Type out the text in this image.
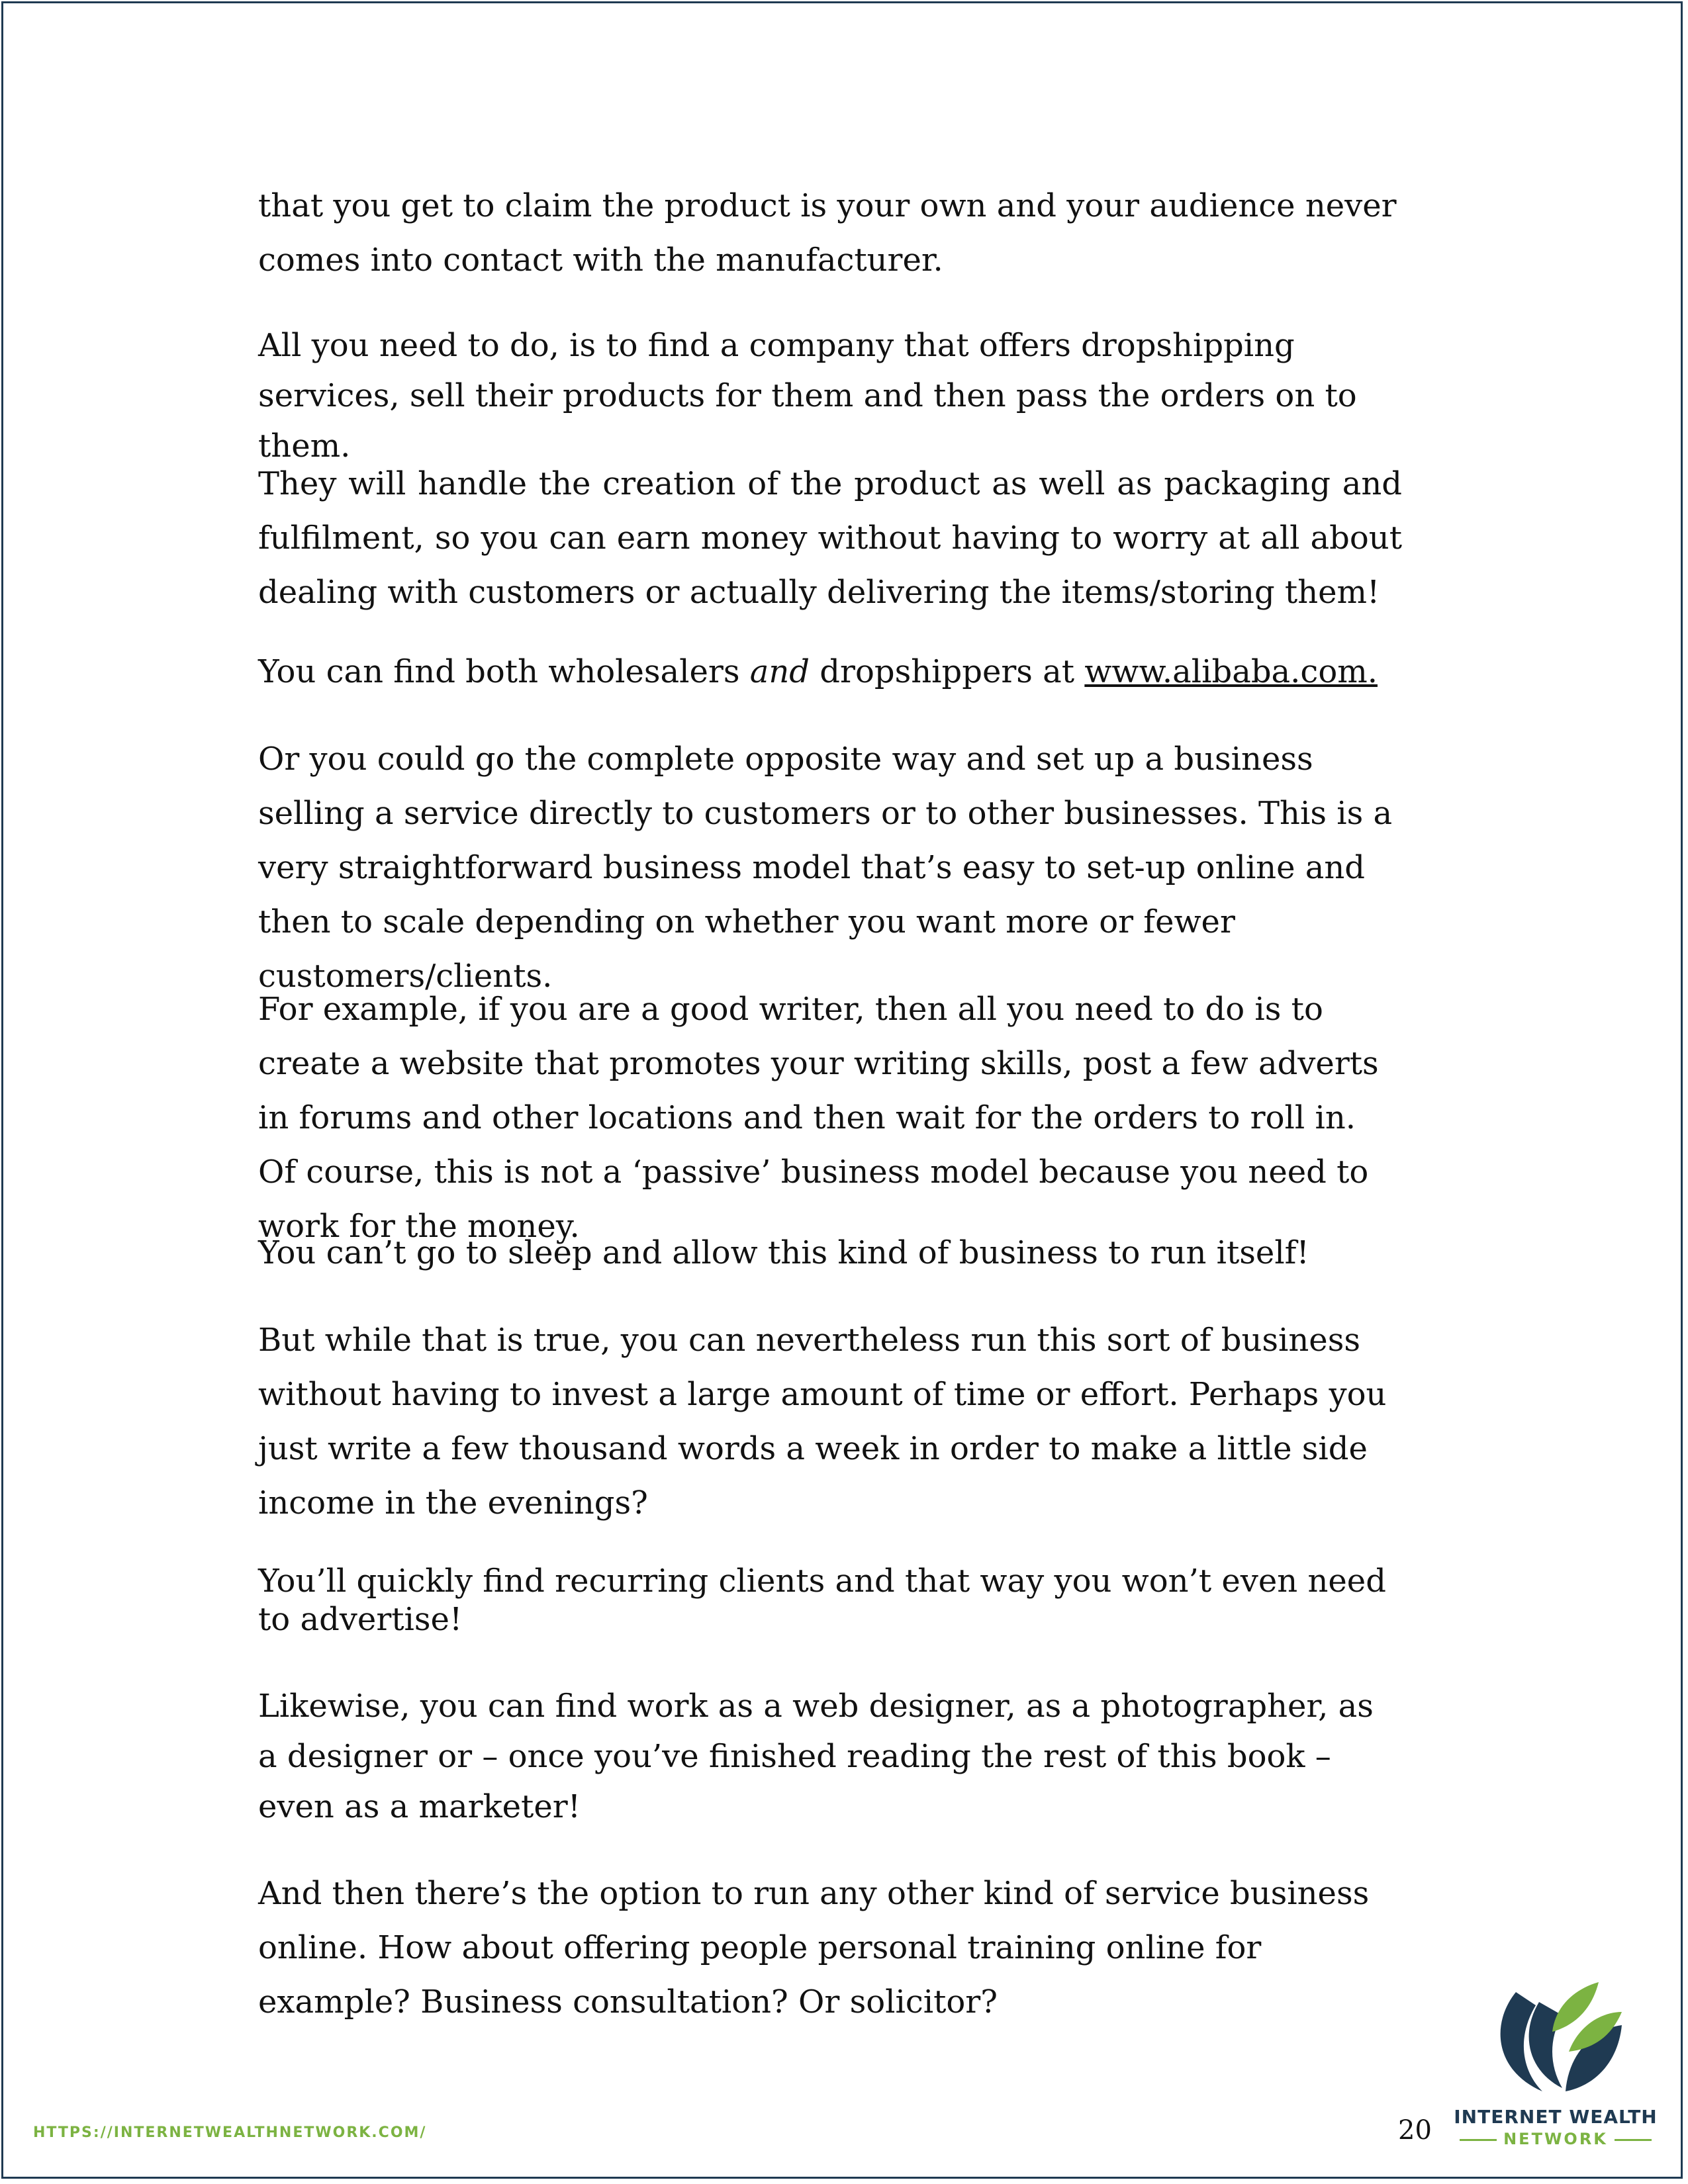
that you get to claim the product is your own and your audience never comes into contact with the manufacturer.

All you need to do, is to find a company that offers dropshipping services, sell their products for them and then pass the orders on to them.

They will handle the creation of the product as well as packaging and fulfilment, so you can earn money without having to worry at all about dealing with customers or actually delivering the items/storing them!

You can find both wholesalers and dropshippers at www.alibaba.com.

Or you could go the complete opposite way and set up a business selling a service directly to customers or to other businesses. This is a very straightforward business model that’s easy to set-up online and then to scale depending on whether you want more or fewer customers/clients.

For example, if you are a good writer, then all you need to do is to create a website that promotes your writing skills, post a few adverts in forums and other locations and then wait for the orders to roll in. Of course, this is not a ‘passive’ business model because you need to work for the money.

You can’t go to sleep and allow this kind of business to run itself!

But while that is true, you can nevertheless run this sort of business without having to invest a large amount of time or effort. Perhaps you just write a few thousand words a week in order to make a little side income in the evenings?

You’ll quickly find recurring clients and that way you won’t even need to advertise!

Likewise, you can find work as a web designer, as a photographer, as a designer or – once you’ve finished reading the rest of this book – even as a marketer!

And then there’s the option to run any other kind of service business online. How about offering people personal training online for example? Business consultation? Or solicitor?

HTTPS://INTERNETWEALTHNETWORK.COM/	20 INTERNET WEALTH
NETWORK
